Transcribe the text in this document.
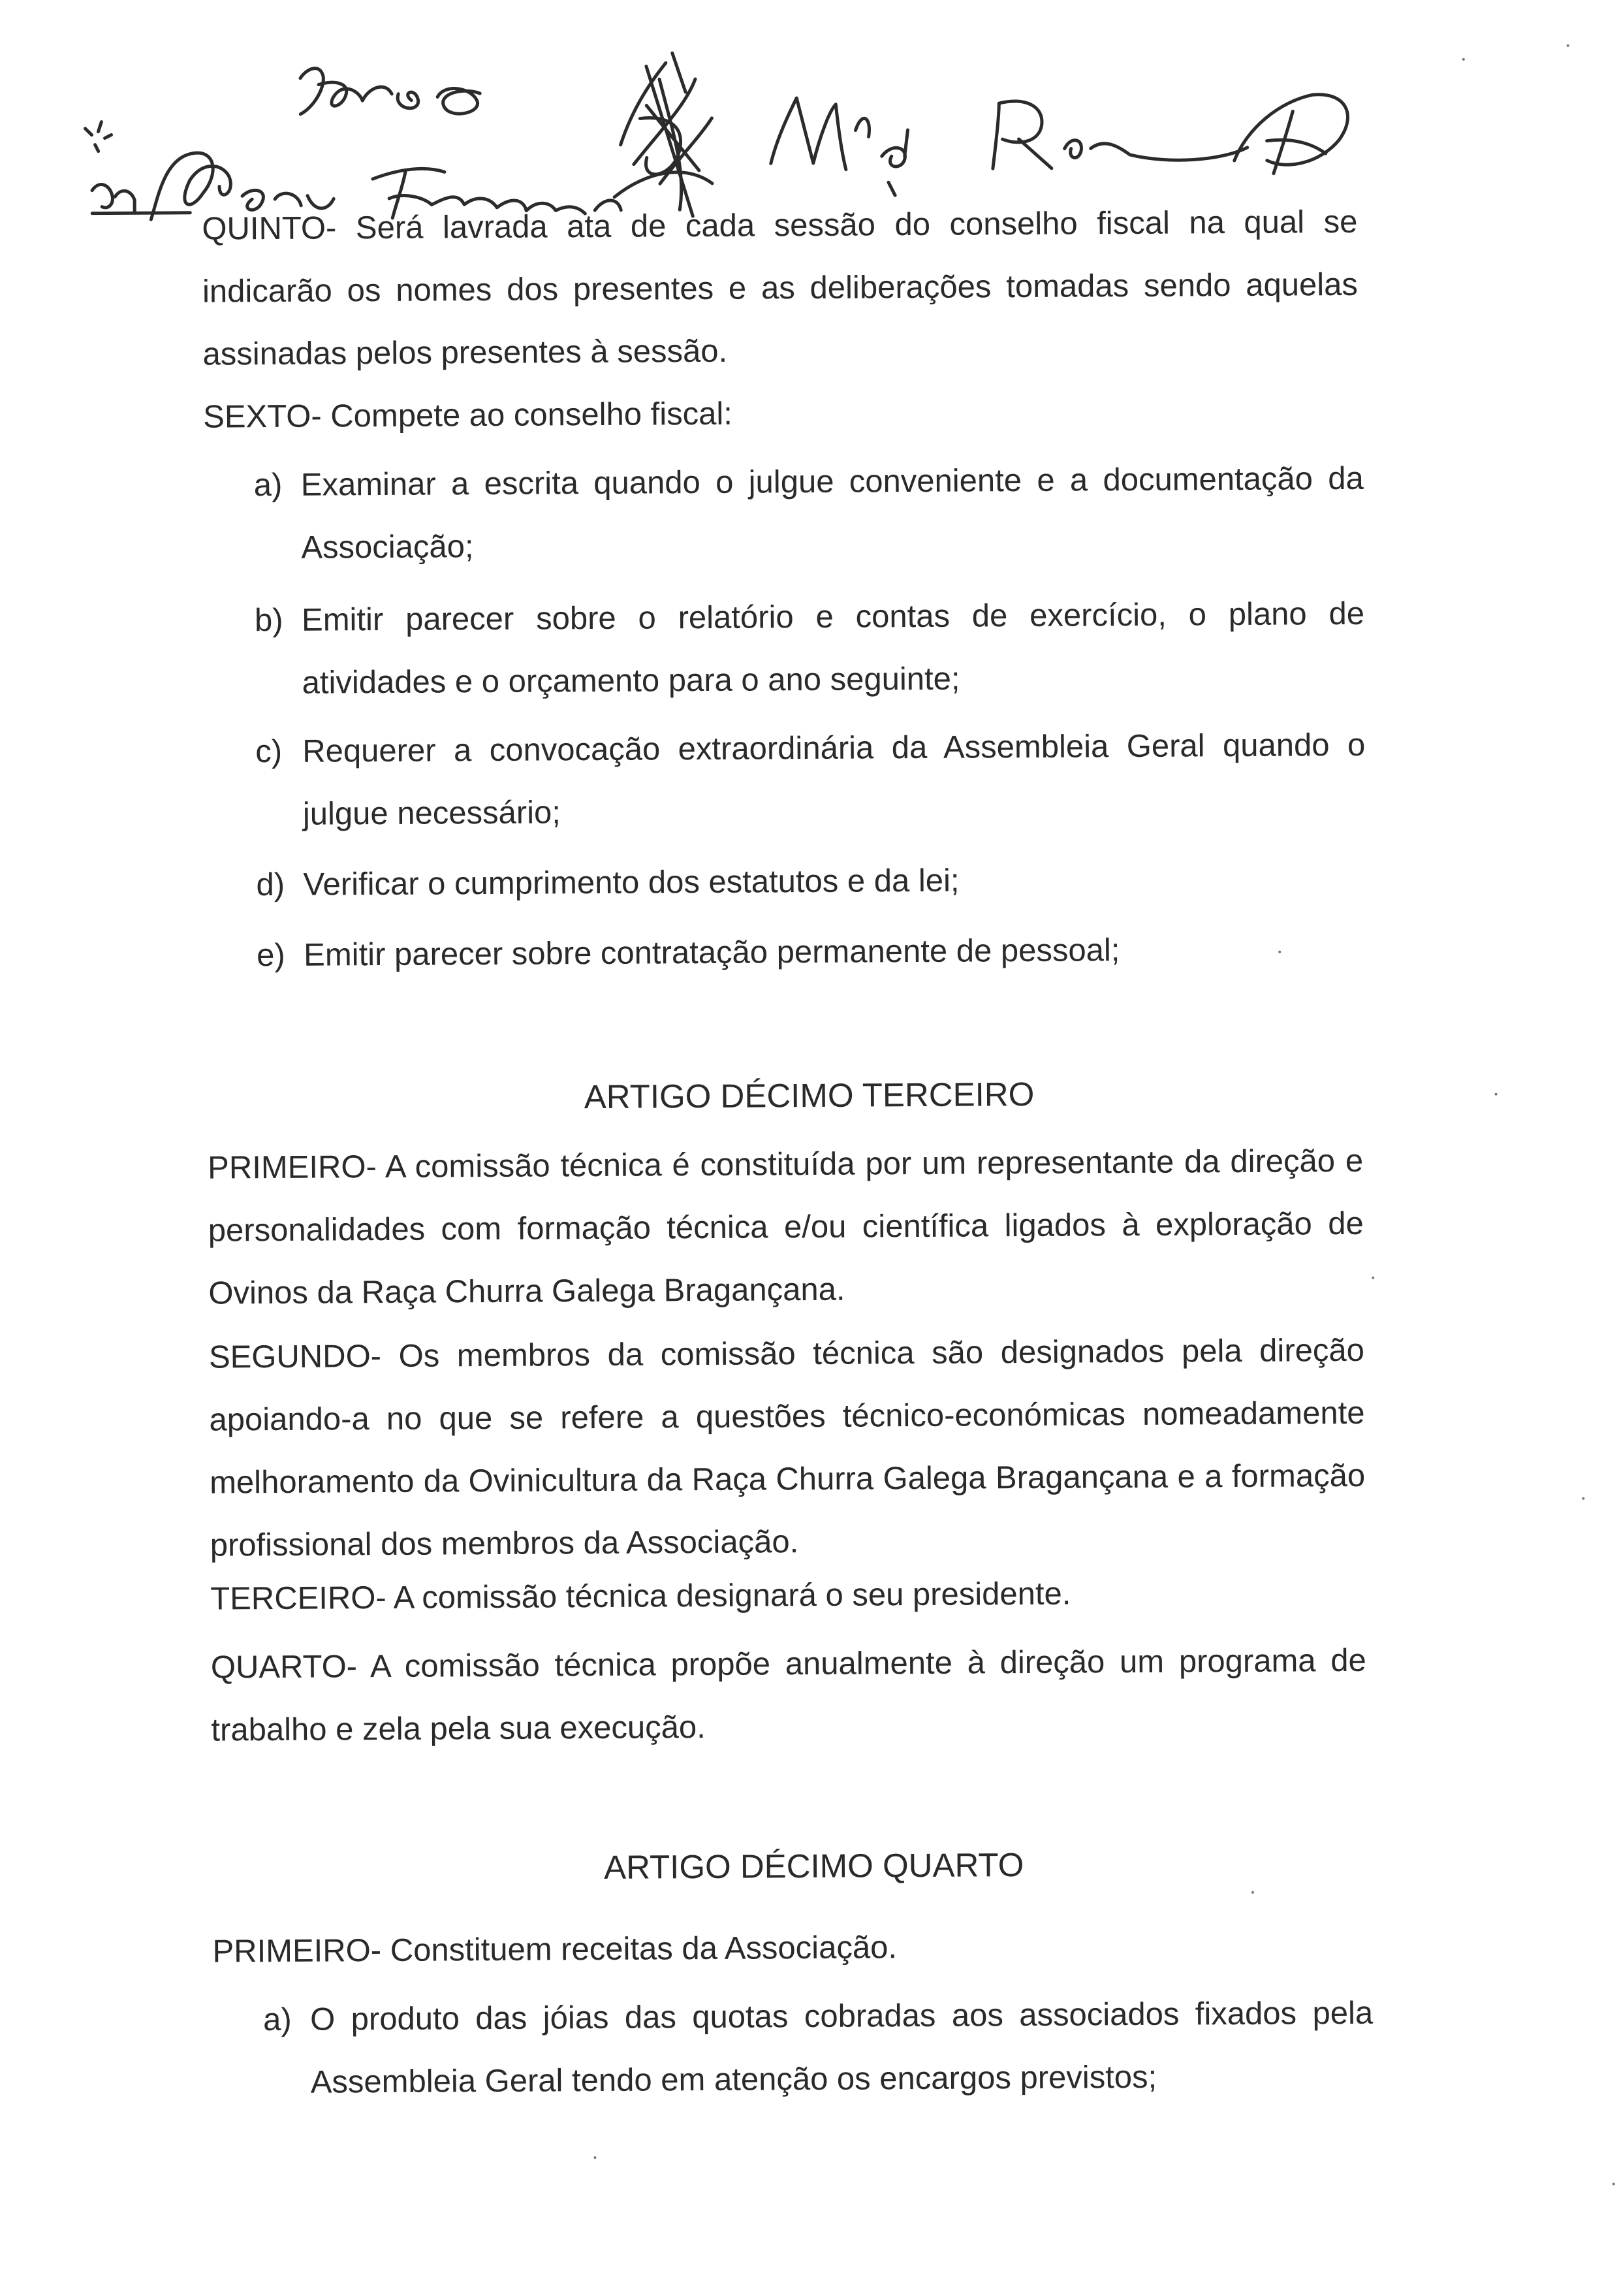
QUINTO- Será lavrada ata de cada sessão do conselho fiscal na qual se indicarão os nomes dos presentes e as deliberações tomadas sendo aquelas assinadas pelos presentes à sessão.
SEXTO- Compete ao conselho fiscal:
a) Examinar a escrita quando o julgue conveniente e a documentação da Associação;
b) Emitir parecer sobre o relatório e contas de exercício, o plano de atividades e o orçamento para o ano seguinte;
c) Requerer a convocação extraordinária da Assembleia Geral quando o julgue necessário;
d) Verificar o cumprimento dos estatutos e da lei;
e) Emitir parecer sobre contratação permanente de pessoal;
ARTIGO DÉCIMO TERCEIRO
PRIMEIRO- A comissão técnica é constituída por um representante da direção e personalidades com formação técnica e/ou científica ligados à exploração de Ovinos da Raça Churra Galega Bragançana.
SEGUNDO- Os membros da comissão técnica são designados pela direção apoiando-a no que se refere a questões técnico-económicas nomeadamente melhoramento da Ovinicultura da Raça Churra Galega Bragançana e a formação profissional dos membros da Associação.
TERCEIRO- A comissão técnica designará o seu presidente.
QUARTO- A comissão técnica propõe anualmente à direção um programa de trabalho e zela pela sua execução.
ARTIGO DÉCIMO QUARTO
PRIMEIRO- Constituem receitas da Associação.
a) O produto das jóias das quotas cobradas aos associados fixados pela Assembleia Geral tendo em atenção os encargos previstos;
